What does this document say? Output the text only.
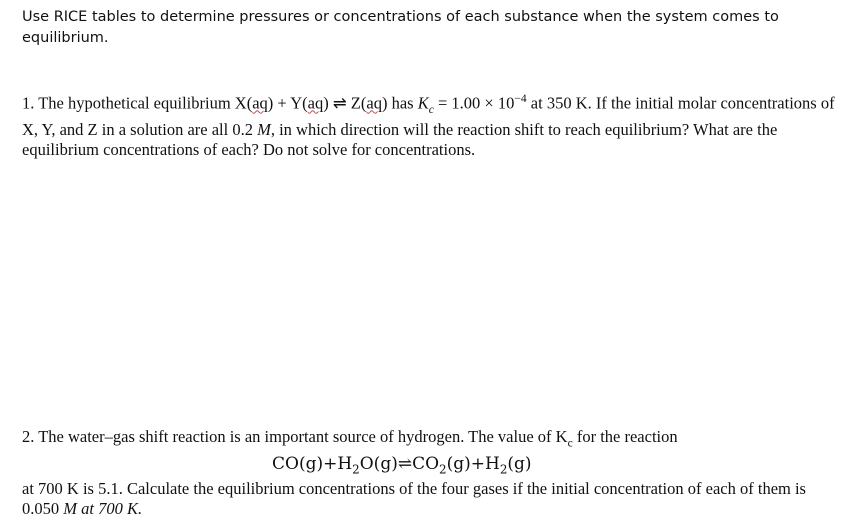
Use RICE tables to determine pressures or concentrations of each substance when the system comes to equilibrium.
1. The hypothetical equilibrium X(aq) + Y(aq) ⇌ Z(aq) has $K_c = 1.00 \times 10^{-4}$ at 350 K. If the initial molar concentrations of X, Y, and Z in a solution are all 0.2 M, in which direction will the reaction shift to reach equilibrium? What are the equilibrium concentrations of each? Do not solve for concentrations.
2. The water–gas shift reaction is an important source of hydrogen. The value of $K_c$ for the reaction
$CO(g)+H_2O(g)\rightleftharpoons CO_2(g)+H_2(g)$
at 700 K is 5.1. Calculate the equilibrium concentrations of the four gases if the initial concentration of each of them is 0.050 M at 700 K.
